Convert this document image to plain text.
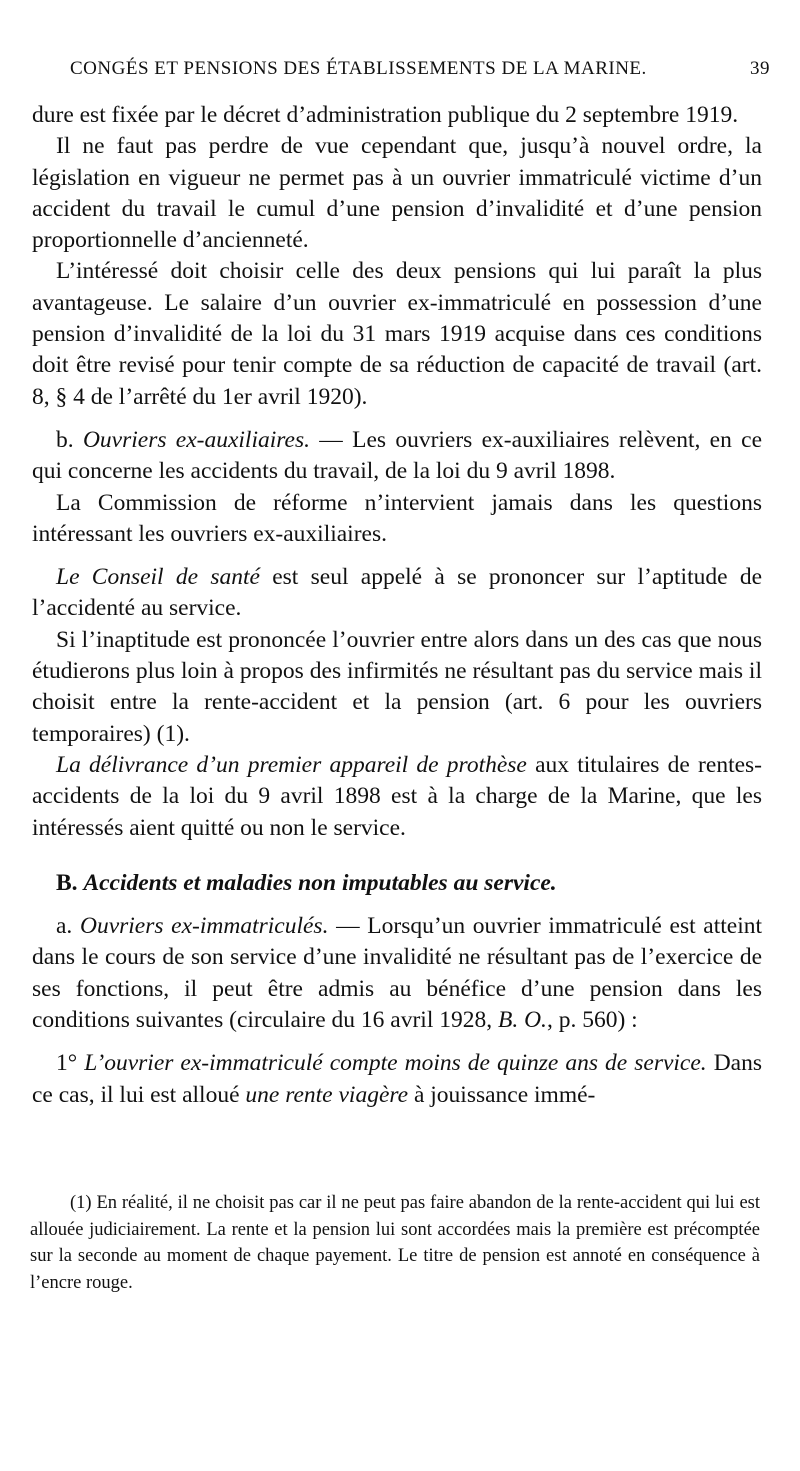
CONGÉS ET PENSIONS DES ÉTABLISSEMENTS DE LA MARINE.	39

dure est fixée par le décret d’administration publique du 2 septembre 1919.

Il ne faut pas perdre de vue cependant que, jusqu’à nouvel ordre, la législation en vigueur ne permet pas à un ouvrier immatriculé victime d’un accident du travail le cumul d’une pension d’invalidité et d’une pension proportionnelle d’ancienneté.

L’intéressé doit choisir celle des deux pensions qui lui paraît la plus avantageuse. Le salaire d’un ouvrier ex-immatriculé en possession d’une pension d’invalidité de la loi du 31 mars 1919 acquise dans ces conditions doit être revisé pour tenir compte de sa réduction de capacité de travail (art. 8, § 4 de l’arrêté du 1er avril 1920).

b. Ouvriers ex-auxiliaires. — Les ouvriers ex-auxiliaires relèvent, en ce qui concerne les accidents du travail, de la loi du 9 avril 1898.

La Commission de réforme n’intervient jamais dans les questions intéressant les ouvriers ex-auxiliaires.

Le Conseil de santé est seul appelé à se prononcer sur l’aptitude de l’accidenté au service.

Si l’inaptitude est prononcée l’ouvrier entre alors dans un des cas que nous étudierons plus loin à propos des infirmités ne résultant pas du service mais il choisit entre la rente-accident et la pension (art. 6 pour les ouvriers temporaires) (1).

La délivrance d’un premier appareil de prothèse aux titulaires de rentes-accidents de la loi du 9 avril 1898 est à la charge de la Marine, que les intéressés aient quitté ou non le service.

B. Accidents et maladies non imputables au service.

a. Ouvriers ex-immatriculés. — Lorsqu’un ouvrier immatriculé est atteint dans le cours de son service d’une invalidité ne résultant pas de l’exercice de ses fonctions, il peut être admis au bénéfice d’une pension dans les conditions suivantes (circulaire du 16 avril 1928, B. O., p. 560) :

1° L’ouvrier ex-immatriculé compte moins de quinze ans de service. Dans ce cas, il lui est alloué une rente viagère à jouissance immé-

(1) En réalité, il ne choisit pas car il ne peut pas faire abandon de la rente-accident qui lui est allouée judiciairement. La rente et la pension lui sont accordées mais la première est précomptée sur la seconde au moment de chaque payement. Le titre de pension est annoté en conséquence à l’encre rouge.
